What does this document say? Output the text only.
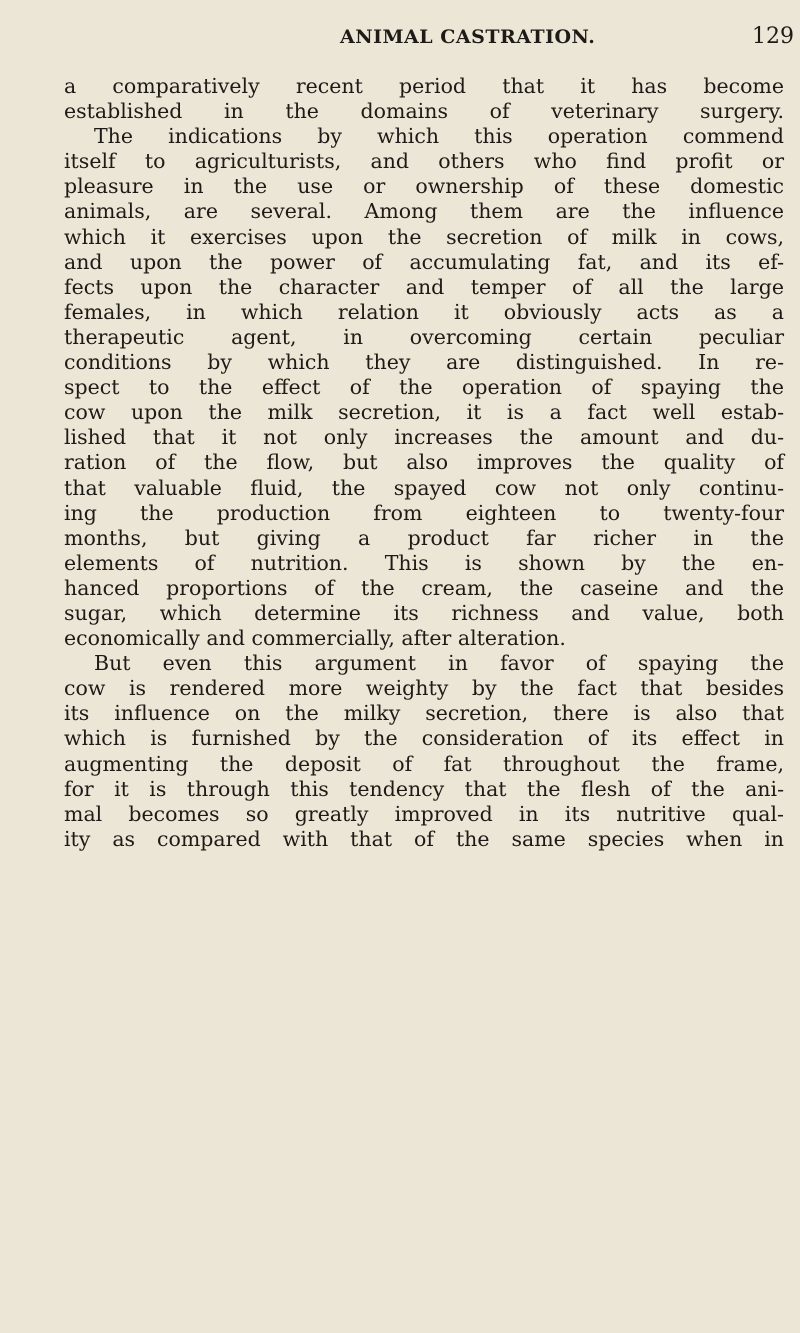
ANIMAL CASTRATION.	129
a comparatively recent period that it has become
established in the domains of veterinary surgery.
The indications by which this operation commend
itself to agriculturists, and others who find profit or
pleasure in the use or ownership of these domestic
animals, are several. Among them are the influence
which it exercises upon the secretion of milk in cows,
and upon the power of accumulating fat, and its ef-
fects upon the character and temper of all the large
females, in which relation it obviously acts as a
therapeutic agent, in overcoming certain peculiar
conditions by which they are distinguished. In re-
spect to the effect of the operation of spaying the
cow upon the milk secretion, it is a fact well estab-
lished that it not only increases the amount and du-
ration of the flow, but also improves the quality of
that valuable fluid, the spayed cow not only continu-
ing the production from eighteen to twenty-four
months, but giving a product far richer in the
elements of nutrition. This is shown by the en-
hanced proportions of the cream, the caseine and the
sugar, which determine its richness and value, both
economically and commercially, after alteration.
But even this argument in favor of spaying the
cow is rendered more weighty by the fact that besides
its influence on the milky secretion, there is also that
which is furnished by the consideration of its effect in
augmenting the deposit of fat throughout the frame,
for it is through this tendency that the flesh of the ani-
mal becomes so greatly improved in its nutritive qual-
ity as compared with that of the same species when in
